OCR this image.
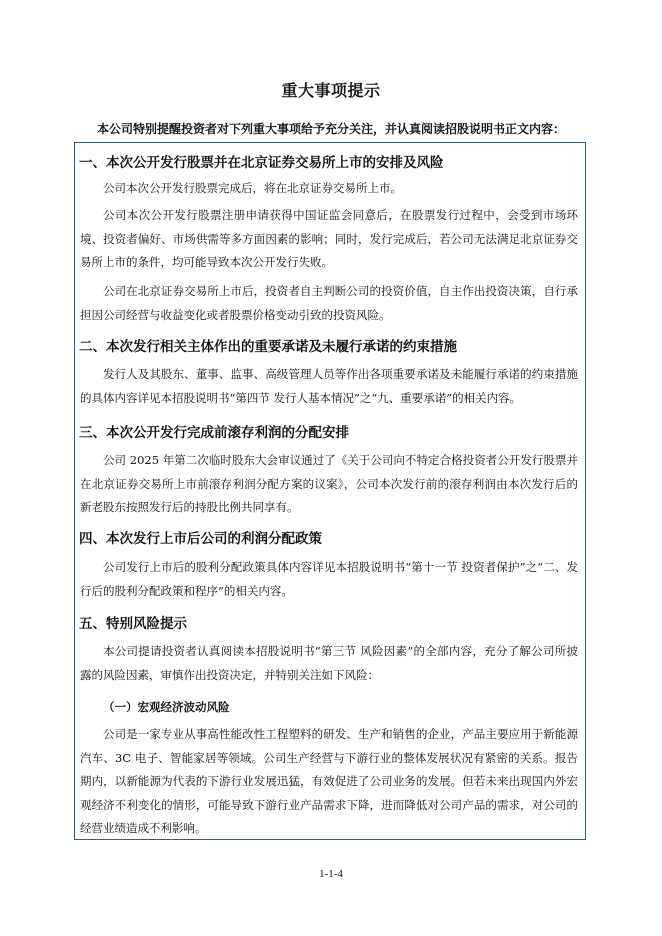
重大事项提示
本公司特别提醒投资者对下列重大事项给予充分关注，并认真阅读招股说明书正文内容：
一、本次公开发行股票并在北京证券交易所上市的安排及风险
公司本次公开发行股票完成后，将在北京证券交易所上市。
公司本次公开发行股票注册申请获得中国证监会同意后，在股票发行过程中，会受到市场环境、投资者偏好、市场供需等多方面因素的影响；同时，发行完成后，若公司无法满足北京证券交易所上市的条件，均可能导致本次公开发行失败。
公司在北京证券交易所上市后，投资者自主判断公司的投资价值，自主作出投资决策，自行承担因公司经营与收益变化或者股票价格变动引致的投资风险。
二、本次发行相关主体作出的重要承诺及未履行承诺的约束措施
发行人及其股东、董事、监事、高级管理人员等作出各项重要承诺及未能履行承诺的约束措施的具体内容详见本招股说明书“第四节 发行人基本情况”之“九、重要承诺”的相关内容。
三、本次公开发行完成前滚存利润的分配安排
公司 2025 年第二次临时股东大会审议通过了《关于公司向不特定合格投资者公开发行股票并在北京证券交易所上市前滚存利润分配方案的议案》，公司本次发行前的滚存利润由本次发行后的新老股东按照发行后的持股比例共同享有。
四、本次发行上市后公司的利润分配政策
公司发行上市后的股利分配政策具体内容详见本招股说明书“第十一节 投资者保护”之“二、发行后的股利分配政策和程序”的相关内容。
五、特别风险提示
本公司提请投资者认真阅读本招股说明书“第三节 风险因素”的全部内容，充分了解公司所披露的风险因素，审慎作出投资决定，并特别关注如下风险：
（一）宏观经济波动风险
公司是一家专业从事高性能改性工程塑料的研发、生产和销售的企业，产品主要应用于新能源汽车、3C 电子、智能家居等领域。公司生产经营与下游行业的整体发展状况有紧密的关系。报告期内，以新能源为代表的下游行业发展迅猛，有效促进了公司业务的发展。但若未来出现国内外宏观经济不利变化的情形，可能导致下游行业产品需求下降，进而降低对公司产品的需求，对公司的经营业绩造成不利影响。
1-1-4
